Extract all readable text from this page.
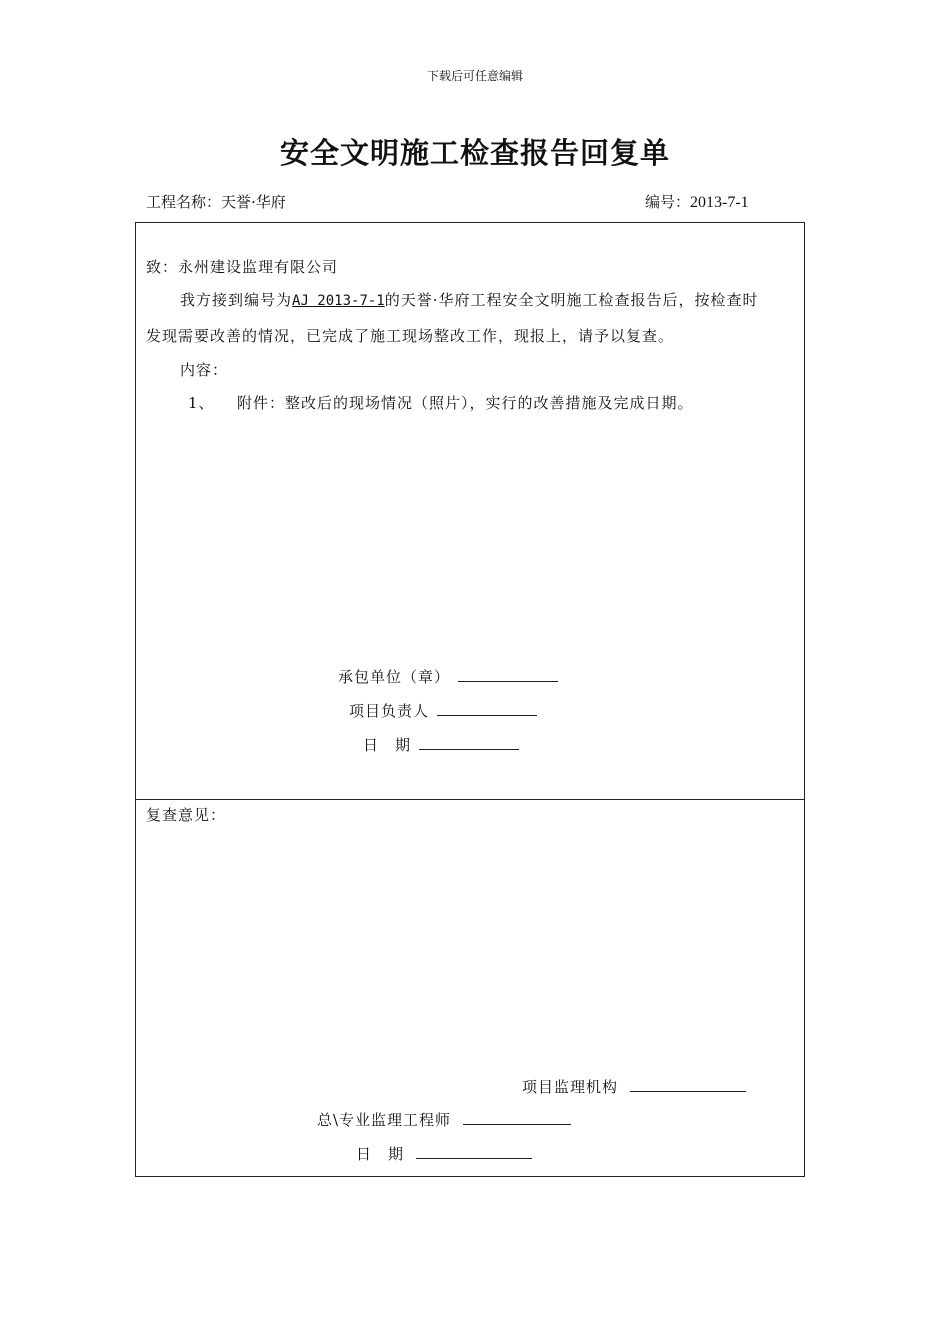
下载后可任意编辑
安全文明施工检查报告回复单
工程名称：天誉·华府	编号：2013-7-1
致：永州建设监理有限公司
我方接到编号为AJ 2013-7-1的天誉·华府工程安全文明施工检查报告后，按检查时
发现需要改善的情况，已完成了施工现场整改工作，现报上，请予以复查。
内容：
1、 附件：整改后的现场情况（照片），实行的改善措施及完成日期。
承包单位（章）
项目负责人
日　期
复查意见：
项目监理机构
总\专业监理工程师
日　期
